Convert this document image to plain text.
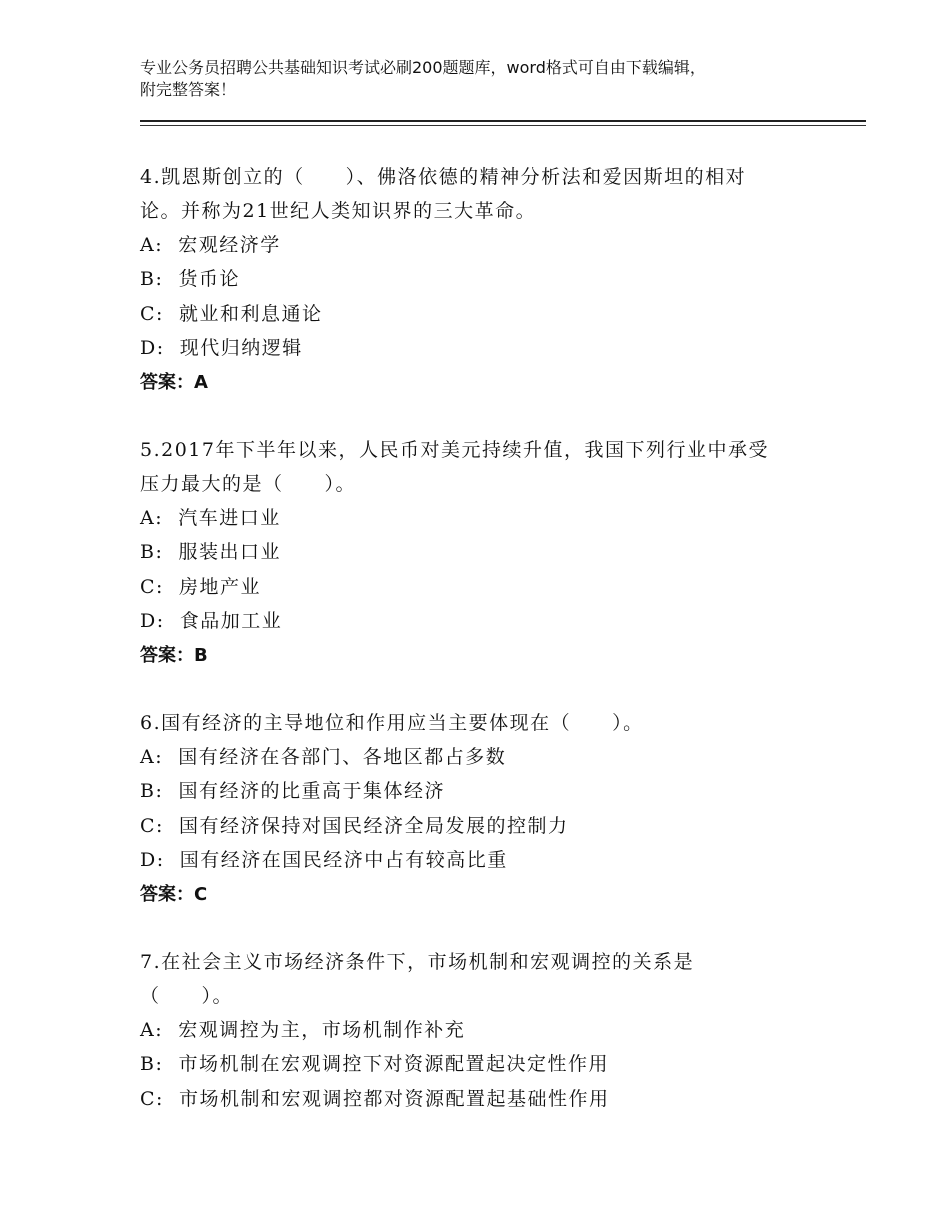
专业公务员招聘公共基础知识考试必刷200题题库，word格式可自由下载编辑，
附完整答案！

4.凯恩斯创立的（　　）、佛洛依德的精神分析法和爱因斯坦的相对

论。并称为21世纪人类知识界的三大革命。

A:  宏观经济学

B:  货币论

C:  就业和利息通论

D:  现代归纳逻辑

答案：A

5.2017年下半年以来，人民币对美元持续升值，我国下列行业中承受

压力最大的是（　　）。

A:  汽车进口业

B:  服装出口业

C:  房地产业

D:  食品加工业

答案：B

6.国有经济的主导地位和作用应当主要体现在（　　）。

A:  国有经济在各部门、各地区都占多数

B:  国有经济的比重高于集体经济

C:  国有经济保持对国民经济全局发展的控制力

D:  国有经济在国民经济中占有较高比重

答案：C

7.在社会主义市场经济条件下，市场机制和宏观调控的关系是

（　　）。

A:  宏观调控为主，市场机制作补充

B:  市场机制在宏观调控下对资源配置起决定性作用

C:  市场机制和宏观调控都对资源配置起基础性作用
